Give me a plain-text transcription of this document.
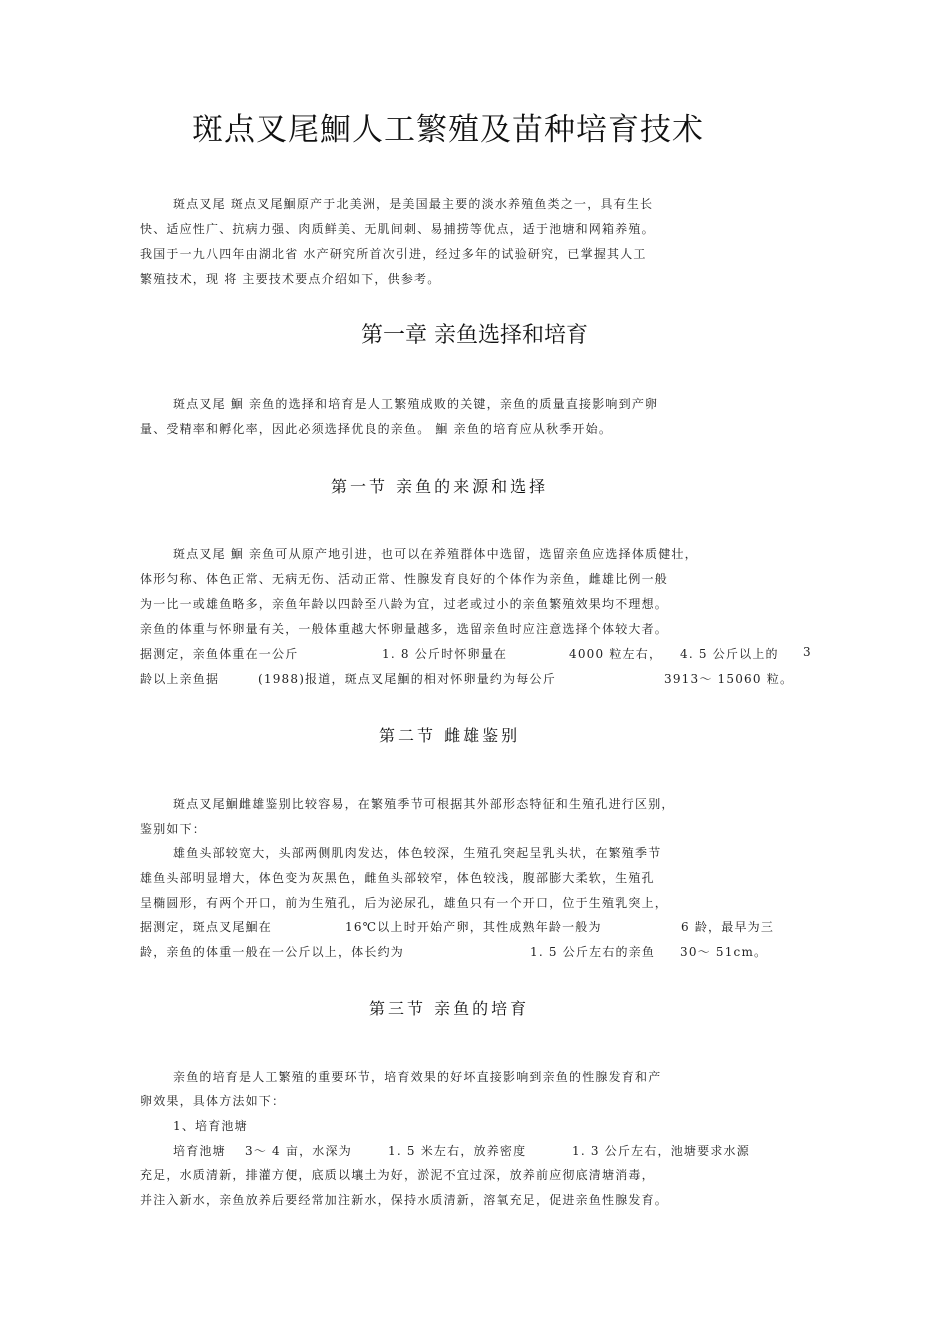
斑点叉尾鮰人工繁殖及苗种培育技术
斑点叉尾 斑点叉尾鮰原产于北美洲，是美国最主要的淡水养殖鱼类之一，具有生长
快、适应性广、抗病力强、肉质鲜美、无肌间刺、易捕捞等优点，适于池塘和网箱养殖。
我国于一九八四年由湖北省 水产研究所首次引进，经过多年的试验研究，已掌握其人工
繁殖技术，现 将 主要技术要点介绍如下，供参考。
第一章 亲鱼选择和培育
斑点叉尾 鮰 亲鱼的选择和培育是人工繁殖成败的关键，亲鱼的质量直接影响到产卵
量、受精率和孵化率，因此必须选择优良的亲鱼。 鮰 亲鱼的培育应从秋季开始。
第一节 亲鱼的来源和选择
斑点叉尾 鮰 亲鱼可从原产地引进，也可以在养殖群体中选留，选留亲鱼应选择体质健壮，
体形匀称、体色正常、无病无伤、活动正常、性腺发育良好的个体作为亲鱼，雌雄比例一般
为一比一或雄鱼略多，亲鱼年龄以四龄至八龄为宜，过老或过小的亲鱼繁殖效果均不理想。
亲鱼的体重与怀卵量有关，一般体重越大怀卵量越多，选留亲鱼时应注意选择个体较大者。
据测定，亲鱼体重在一公斤	1. 8 公斤时怀卵量在	4000 粒左右， 4. 5 公斤以上的 3
龄以上亲鱼据	(1988)报道，斑点叉尾鮰的相对怀卵量约为每公斤	3913～ 15060 粒。
第二节 雌雄鉴别
斑点叉尾鮰雌雄鉴别比较容易，在繁殖季节可根据其外部形态特征和生殖孔进行区别，
鉴别如下：
雄鱼头部较宽大，头部两侧肌肉发达，体色较深，生殖孔突起呈乳头状，在繁殖季节
雄鱼头部明显增大，体色变为灰黑色，雌鱼头部较窄，体色较浅，腹部膨大柔软，生殖孔
呈椭圆形，有两个开口，前为生殖孔，后为泌尿孔，雄鱼只有一个开口，位于生殖乳突上，
据测定，斑点叉尾鮰在	16℃以上时开始产卵，其性成熟年龄一般为	6 龄，最早为三
龄，亲鱼的体重一般在一公斤以上，体长约为	1. 5 公斤左右的亲鱼 30～ 51cm。
第三节 亲鱼的培育
亲鱼的培育是人工繁殖的重要环节，培育效果的好坏直接影响到亲鱼的性腺发育和产
卵效果，具体方法如下：
1、培育池塘
培育池塘 3～ 4 亩，水深为	1. 5 米左右，放养密度	1. 3 公斤左右，池塘要求水源
充足，水质清新，排灌方便，底质以壤土为好，淤泥不宜过深，放养前应彻底清塘消毒，
并注入新水，亲鱼放养后要经常加注新水，保持水质清新，溶氧充足，促进亲鱼性腺发育。
